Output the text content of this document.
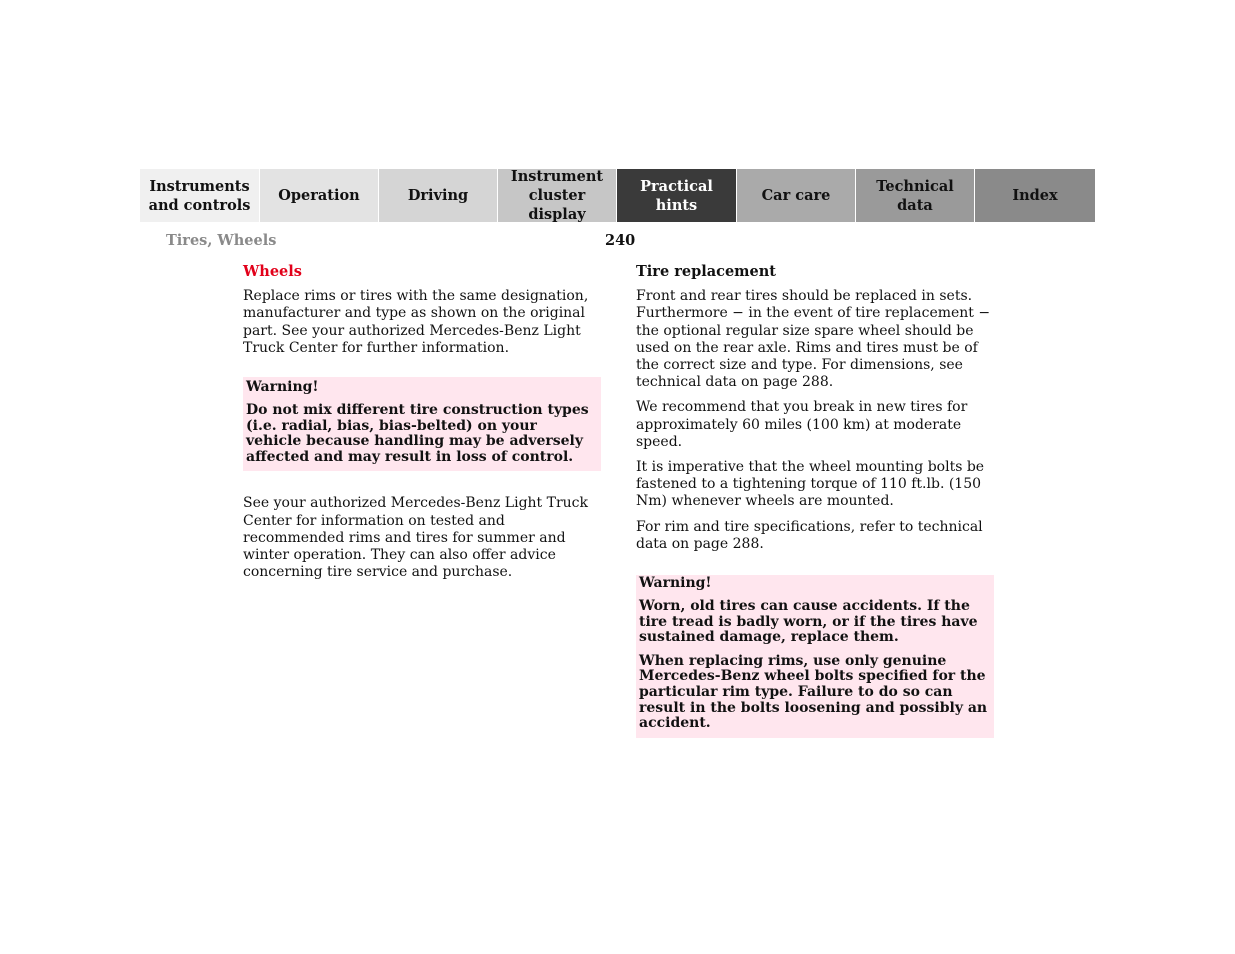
Instruments
and controls
Operation	Driving
Instrument
cluster display
Practical hints
Car care
Technical
data
Index
Tires, Wheels	240
Wheels

Replace rims or tires with the same designation, manufacturer and type as shown on the original part. See your authorized Mercedes-Benz Light Truck Center for further information.

Warning!

Do not mix different tire construction types (i.e. radial, bias, bias-belted) on your vehicle because handling may be adversely affected and may result in loss of control.

See your authorized Mercedes-Benz Light Truck Center for information on tested and recommended rims and tires for summer and winter operation. They can also offer advice concerning tire service and purchase.

Tire replacement

Front and rear tires should be replaced in sets. Furthermore − in the event of tire replacement − the optional regular size spare wheel should be used on the rear axle. Rims and tires must be of the correct size and type. For dimensions, see technical data on page 288.

We recommend that you break in new tires for approximately 60 miles (100 km) at moderate speed.

It is imperative that the wheel mounting bolts be fastened to a tightening torque of 110 ft.lb. (150 Nm) whenever wheels are mounted.

For rim and tire specifications, refer to technical data on page 288.

Warning!

Worn, old tires can cause accidents. If the tire tread is badly worn, or if the tires have sustained damage, replace them.

When replacing rims, use only genuine Mercedes-Benz wheel bolts specified for the particular rim type. Failure to do so can result in the bolts loosening and possibly an accident.
